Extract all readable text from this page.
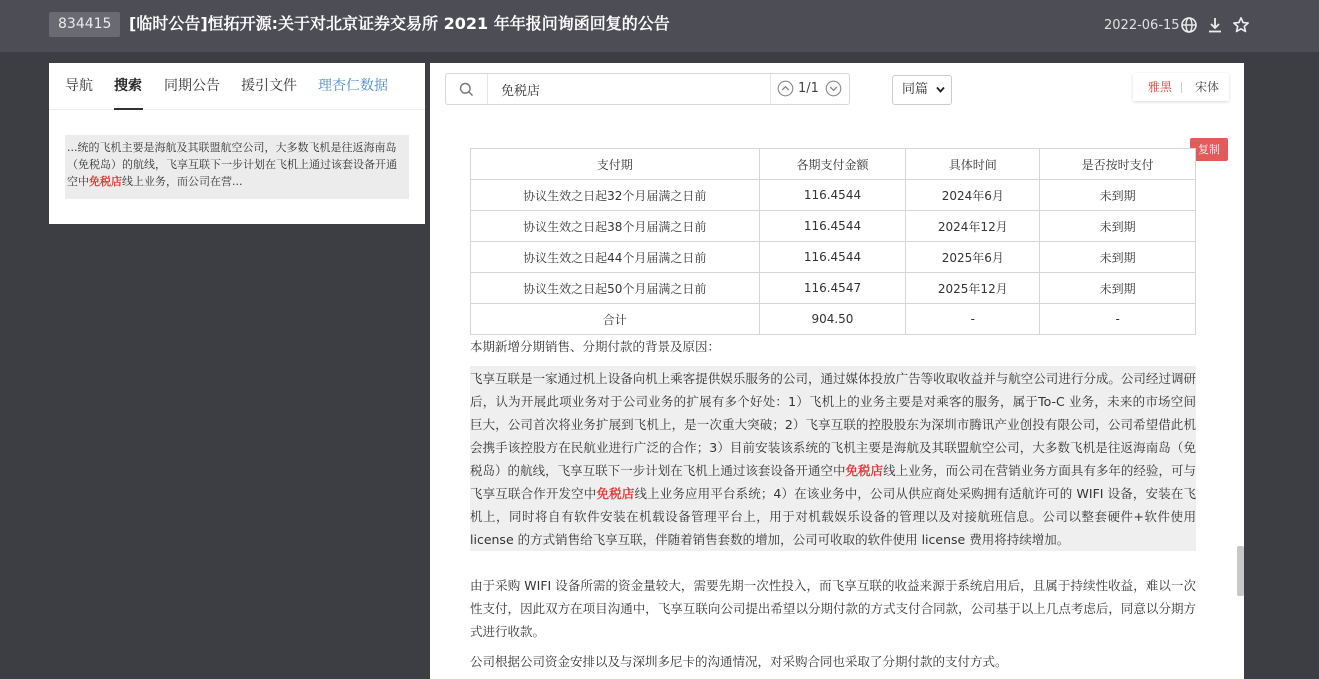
834415	[临时公告]恒拓开源:关于对北京证券交易所 2021 年年报问询函回复的公告	2022-06-15
导航 搜索 同期公告 援引文件 理杏仁数据
...统的飞机主要是海航及其联盟航空公司，大多数飞机是往返海南岛（免税岛）的航线，飞享互联下一步计划在飞机上通过该套设备开通空中免税店线上业务，而公司在营...
免税店
1/1	同篇	雅黑 宋体
复制
支付期	各期支付金额	具体时间	是否按时支付
协议生效之日起32个月届满之日前	116.4544	2024年6月	未到期
协议生效之日起38个月届满之日前	116.4544	2024年12月	未到期
协议生效之日起44个月届满之日前	116.4544	2025年6月	未到期
协议生效之日起50个月届满之日前	116.4547	2025年12月	未到期
合计	904.50	-	-
本期新增分期销售、分期付款的背景及原因：
飞享互联是一家通过机上设备向机上乘客提供娱乐服务的公司，通过媒体投放广告等收取收益并与航空公司进行分成。公司经过调研后，认为开展此项业务对于公司业务的扩展有多个好处：1）飞机上的业务主要是对乘客的服务，属于To-C 业务，未来的市场空间巨大，公司首次将业务扩展到飞机上，是一次重大突破；2）飞享互联的控股股东为深圳市腾讯产业创投有限公司，公司希望借此机会携手该控股方在民航业进行广泛的合作；3）目前安装该系统的飞机主要是海航及其联盟航空公司，大多数飞机是往返海南岛（免税岛）的航线，飞享互联下一步计划在飞机上通过该套设备开通空中免税店线上业务，而公司在营销业务方面具有多年的经验，可与飞享互联合作开发空中免税店线上业务应用平台系统；4）在该业务中，公司从供应商处采购拥有适航许可的 WIFI 设备，安装在飞机上，同时将自有软件安装在机载设备管理平台上，用于对机载娱乐设备的管理以及对接航班信息。公司以整套硬件+软件使用 license 的方式销售给飞享互联，伴随着销售套数的增加，公司可收取的软件使用 license 费用将持续增加。
由于采购 WIFI 设备所需的资金量较大，需要先期一次性投入，而飞享互联的收益来源于系统启用后，且属于持续性收益，难以一次性支付，因此双方在项目沟通中，飞享互联向公司提出希望以分期付款的方式支付合同款，公司基于以上几点考虑后，同意以分期方式进行收款。
公司根据公司资金安排以及与深圳多尼卡的沟通情况，对采购合同也采取了分期付款的支付方式。
